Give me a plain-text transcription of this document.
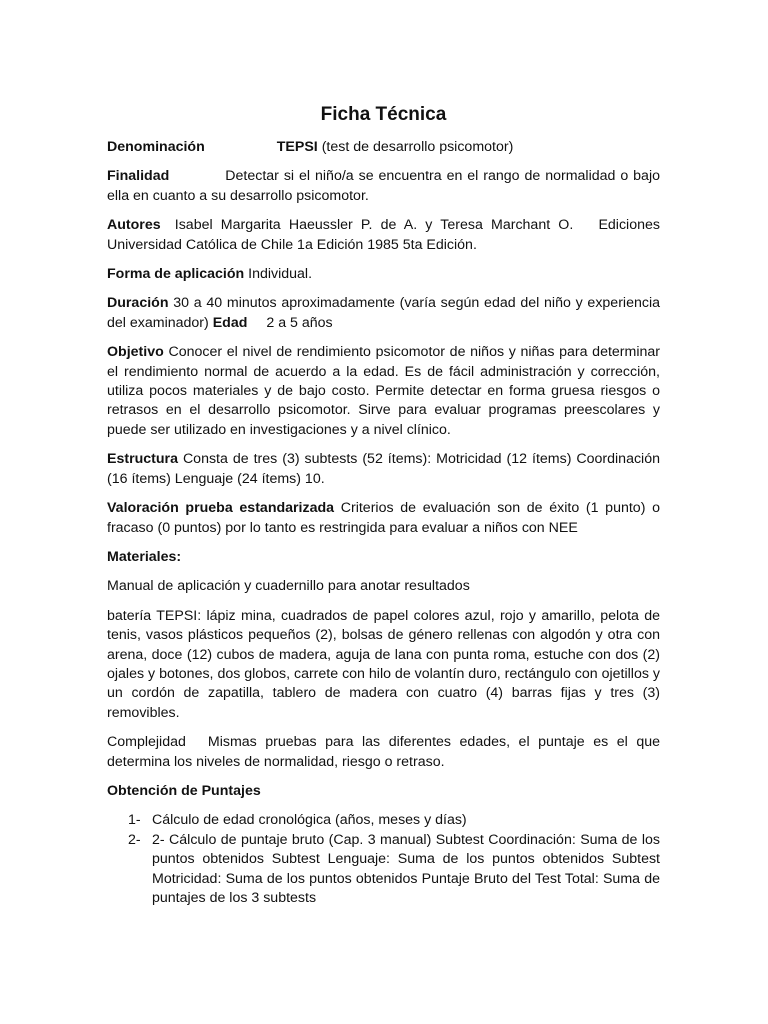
Ficha Técnica

Denominación	TEPSI (test de desarrollo psicomotor)

Finalidad	Detectar si el niño/a se encuentra en el rango de normalidad o bajo ella en cuanto a su desarrollo psicomotor.

Autores Isabel Margarita Haeussler P. de A. y Teresa Marchant O. Ediciones Universidad Católica de Chile 1a Edición 1985 5ta Edición.

Forma de aplicación Individual.

Duración 30 a 40 minutos aproximadamente (varía según edad del niño y experiencia del examinador) Edad 2 a 5 años

Objetivo Conocer el nivel de rendimiento psicomotor de niños y niñas para determinar el rendimiento normal de acuerdo a la edad. Es de fácil administración y corrección, utiliza pocos materiales y de bajo costo. Permite detectar en forma gruesa riesgos o retrasos en el desarrollo psicomotor. Sirve para evaluar programas preescolares y puede ser utilizado en investigaciones y a nivel clínico.

Estructura Consta de tres (3) subtests (52 ítems): Motricidad (12 ítems) Coordinación (16 ítems) Lenguaje (24 ítems) 10.

Valoración prueba estandarizada Criterios de evaluación son de éxito (1 punto) o fracaso (0 puntos) por lo tanto es restringida para evaluar a niños con NEE

Materiales:

Manual de aplicación y cuadernillo para anotar resultados

batería TEPSI: lápiz mina, cuadrados de papel colores azul, rojo y amarillo, pelota de tenis, vasos plásticos pequeños (2), bolsas de género rellenas con algodón y otra con arena, doce (12) cubos de madera, aguja de lana con punta roma, estuche con dos (2) ojales y botones, dos globos, carrete con hilo de volantín duro, rectángulo con ojetillos y un cordón de zapatilla, tablero de madera con cuatro (4) barras fijas y tres (3) removibles.

Complejidad Mismas pruebas para las diferentes edades, el puntaje es el que determina los niveles de normalidad, riesgo o retraso.

Obtención de Puntajes
1- Cálculo de edad cronológica (años, meses y días)
2- 2- Cálculo de puntaje bruto (Cap. 3 manual) Subtest Coordinación: Suma de los puntos obtenidos Subtest Lenguaje: Suma de los puntos obtenidos Subtest Motricidad: Suma de los puntos obtenidos Puntaje Bruto del Test Total: Suma de puntajes de los 3 subtests
